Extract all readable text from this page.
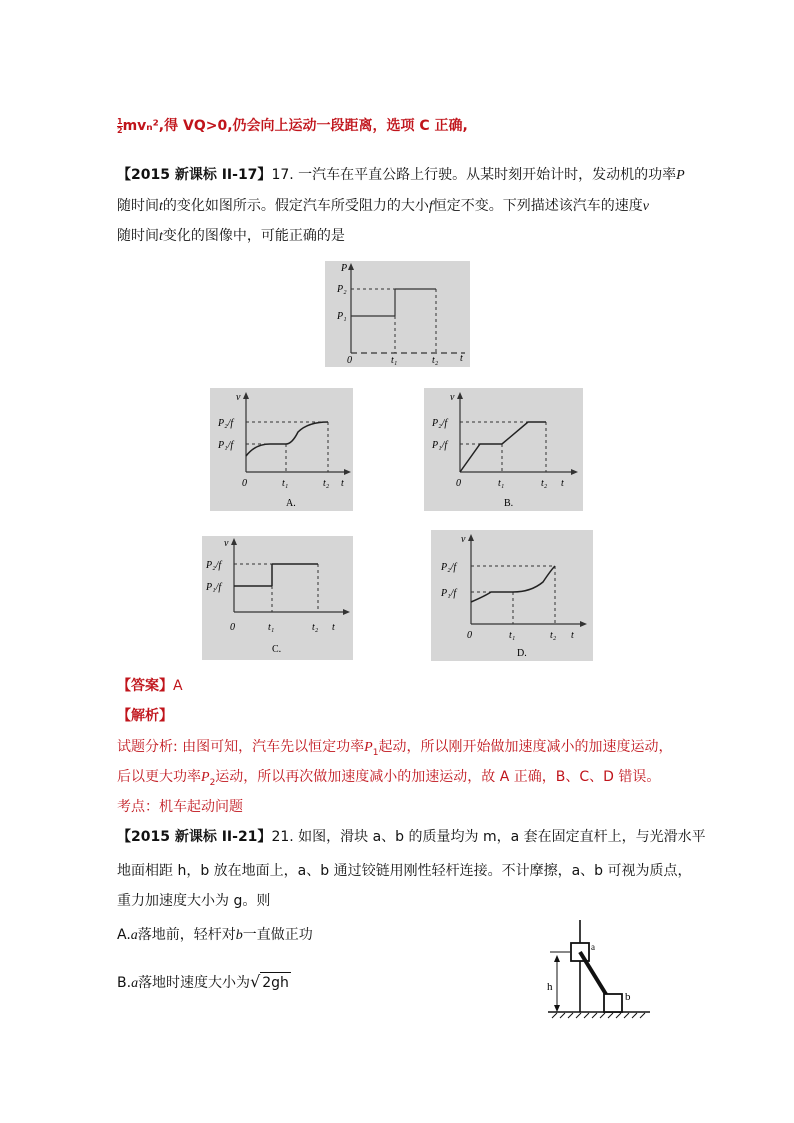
$\frac{1}{2} mv_n^2$,得 VQ>0,仍会向上运动一段距离，选项 C 正确,
【2015 新课标 II-17】17. 一汽车在平直公路上行驶。从某时刻开始计时，发动机的功率P
随时间t的变化如图所示。假定汽车所受阻力的大小f恒定不变。下列描述该汽车的速度v
随时间t变化的图像中，可能正确的是
P
P₂
P₁
0	t₁	t₂ t
v
P₂/f
P₁/f
0	t₁	t₂ t
A.
v
P₂/f
P₁/f
0	t₁	t₂ t
B.
v
P₂/f
P₁/f
0	t₁	t₂ t
C.
v
P₂/f
P₁/f
0	t₁	t₂ t
D.
【答案】A
【解析】
试题分析: 由图可知，汽车先以恒定功率$P_1$起动，所以刚开始做加速度减小的加速度运动，
后以更大功率$P_2$运动，所以再次做加速度减小的加速运动，故 A 正确，B、C、D 错误。
考点：机车起动问题
【2015 新课标 II-21】21. 如图，滑块 a、b 的质量均为 m，a 套在固定直杆上，与光滑水平
地面相距 h，b 放在地面上，a、b 通过铰链用刚性轻杆连接。不计摩擦，a、b 可视为质点，
重力加速度大小为 g。则
A.a落地前，轻杆对b一直做正功
B.a落地时速度大小为√ 2gh	h
a
b
